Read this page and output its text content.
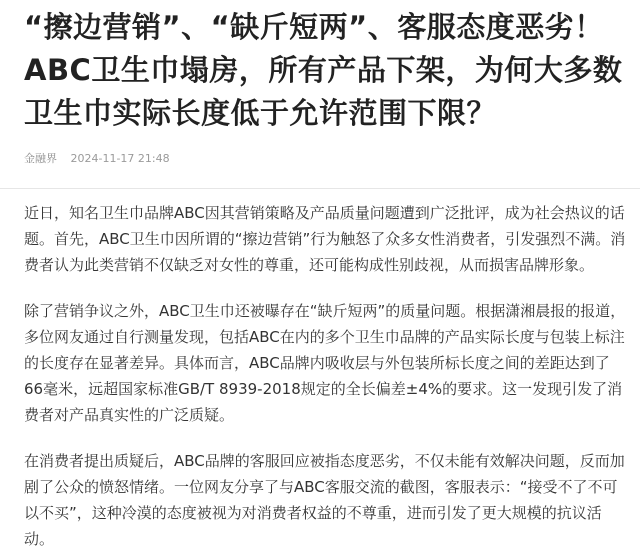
“擦边营销”、“缺斤短两”、客服态度恶劣！ABC卫生巾塌房，所有产品下架，为何大多数卫生巾实际长度低于允许范围下限？
金融界 2024-11-17 21:48

近日，知名卫生巾品牌ABC因其营销策略及产品质量问题遭到广泛批评，成为社会热议的话题。首先，ABC卫生巾因所谓的“擦边营销”行为触怒了众多女性消费者，引发强烈不满。消费者认为此类营销不仅缺乏对女性的尊重，还可能构成性别歧视，从而损害品牌形象。

除了营销争议之外，ABC卫生巾还被曝存在“缺斤短两”的质量问题。根据潇湘晨报的报道，多位网友通过自行测量发现，包括ABC在内的多个卫生巾品牌的产品实际长度与包装上标注的长度存在显著差异。具体而言，ABC品牌内吸收层与外包装所标长度之间的差距达到了66毫米，远超国家标准GB/T 8939-2018规定的全长偏差±4%的要求。这一发现引发了消费者对产品真实性的广泛质疑。

在消费者提出质疑后，ABC品牌的客服回应被指态度恶劣，不仅未能有效解决问题，反而加剧了公众的愤怒情绪。一位网友分享了与ABC客服交流的截图，客服表示：“接受不了不可以不买”，这种冷漠的态度被视为对消费者权益的不尊重，进而引发了更大规模的抗议活动。
